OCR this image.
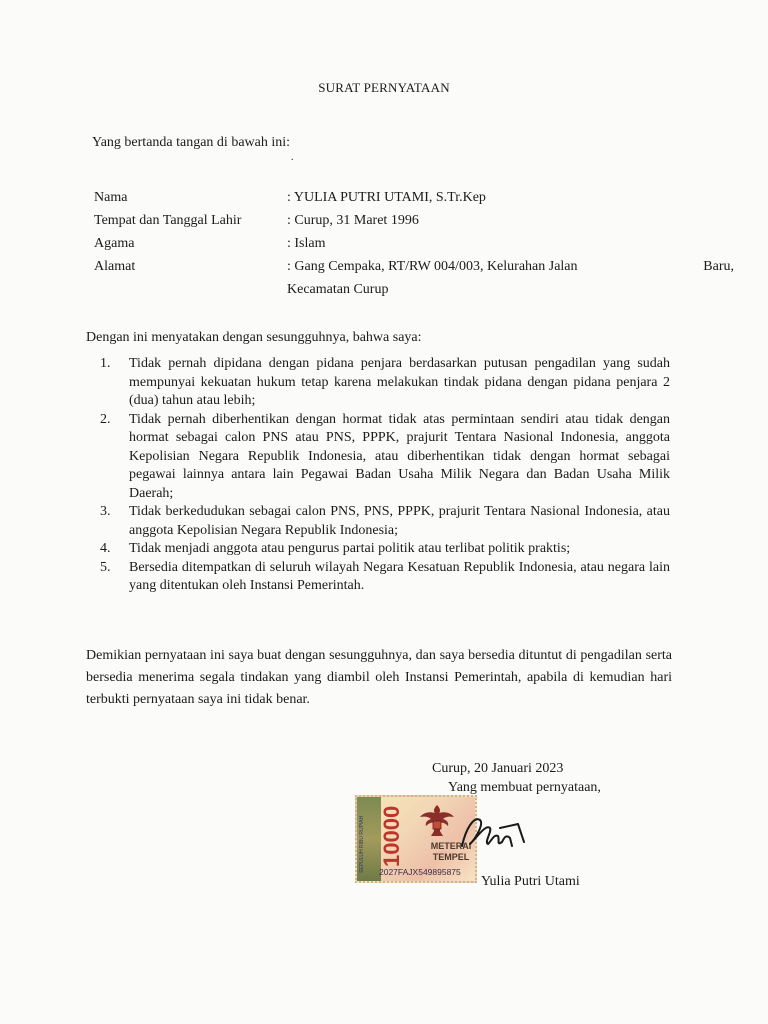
SURAT PERNYATAAN
Yang bertanda tangan di bawah ini:
.
Nama	: YULIA PUTRI UTAMI, S.Tr.Kep
Tempat dan Tanggal Lahir	: Curup, 31 Maret 1996
Agama	: Islam
Alamat	: Gang Cempaka, RT/RW 004/003, Kelurahan Jalan	Baru,
Kecamatan Curup
Dengan ini menyatakan dengan sesungguhnya, bahwa saya:
1.	Tidak pernah dipidana dengan pidana penjara berdasarkan putusan pengadilan yang sudah mempunyai kekuatan hukum tetap karena melakukan tindak pidana dengan pidana penjara 2 (dua) tahun atau lebih;
2.	Tidak pernah diberhentikan dengan hormat tidak atas permintaan sendiri atau tidak dengan hormat sebagai calon PNS atau PNS, PPPK, prajurit Tentara Nasional Indonesia, anggota Kepolisian Negara Republik Indonesia, atau diberhentikan tidak dengan hormat sebagai pegawai lainnya antara lain Pegawai Badan Usaha Milik Negara dan Badan Usaha Milik Daerah;
3.	Tidak berkedudukan sebagai calon PNS, PNS, PPPK, prajurit Tentara Nasional Indonesia, atau anggota Kepolisian Negara Republik Indonesia;
4.	Tidak menjadi anggota atau pengurus partai politik atau terlibat politik praktis;
5.	Bersedia ditempatkan di seluruh wilayah Negara Kesatuan Republik Indonesia, atau negara lain yang ditentukan oleh Instansi Pemerintah.
Demikian pernyataan ini saya buat dengan sesungguhnya, dan saya bersedia dituntut di pengadilan serta bersedia menerima segala tindakan yang diambil oleh Instansi Pemerintah, apabila di kemudian hari terbukti pernyataan saya ini tidak benar.
Curup, 20 Januari 2023
Yang membuat pernyataan,
SEPULUH RIBU RUPIAH 10000	METERAI
TEMPEL
2027FAJX549895875
Yulia Putri Utami
